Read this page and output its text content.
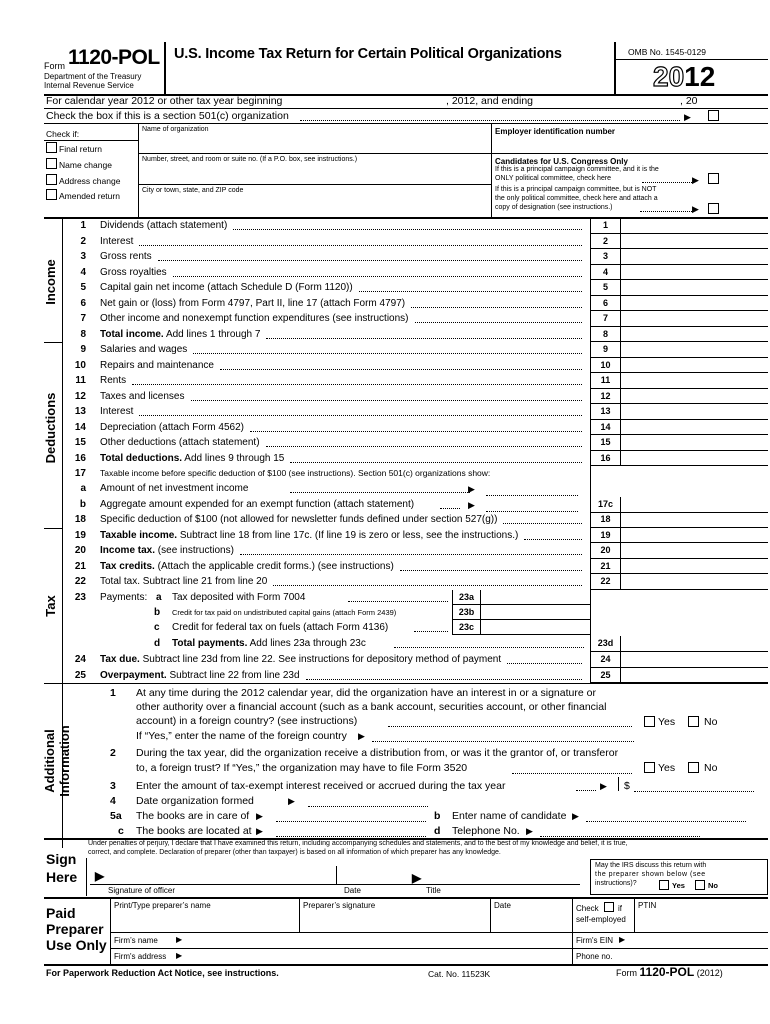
Form 1120-POL
Department of the Treasury
Internal Revenue Service
U.S. Income Tax Return for Certain Political Organizations	OMB No. 1545-0129
2012
For calendar year 2012 or other tax year beginning	, 2012, and ending	, 20
Check the box if this is a section 501(c) organization	▶
Check if:
Final return
Name change
Address change
Amended return
Name of organization
Number, street, and room or suite no. (If a P.O. box, see instructions.)
City or town, state, and ZIP code
Employer identification number
Candidates for U.S. Congress Only
If this is a principal campaign committee, and it is the
ONLY political committee, check here	▶
If this is a principal campaign committee, but is NOT
the only political committee, check here and attach a
copy of designation (see instructions.)	▶
Income
Deductions
Tax
Additional Information
1 Dividends (attach statement)	1
2 Interest	2
3 Gross rents	3
4 Gross royalties	4
5 Capital gain net income (attach Schedule D (Form 1120))	5
6 Net gain or (loss) from Form 4797, Part II, line 17 (attach Form 4797)	6
7 Other income and nonexempt function expenditures (see instructions)	7
8 Total income. Add lines 1 through 7	8
9 Salaries and wages	9
10 Repairs and maintenance	10
11 Rents	11
12 Taxes and licenses	12
13 Interest	13
14 Depreciation (attach Form 4562)	14
15 Other deductions (attach statement)	15
16 Total deductions. Add lines 9 through 15	16
17 Taxable income before specific deduction of $100 (see instructions). Section 501(c) organizations show:
a Amount of net investment income	▶
b Aggregate amount expended for an exempt function (attach statement)	▶	17c
18 Specific deduction of $100 (not allowed for newsletter funds defined under section 527(g))	18
19 Taxable income. Subtract line 18 from line 17c. (If line 19 is zero or less, see the instructions.)	19
20 Income tax. (see instructions)	20
21 Tax credits. (Attach the applicable credit forms.) (see instructions)	21
22 Total tax. Subtract line 21 from line 20	22
23 Payments: a Tax deposited with Form 7004	23a
b Credit for tax paid on undistributed capital gains (attach Form 2439)	23b
c Credit for federal tax on fuels (attach Form 4136)	23c
d Total payments. Add lines 23a through 23c	23d
24 Tax due. Subtract line 23d from line 22. See instructions for depository method of payment	24
25 Overpayment. Subtract line 22 from line 23d	25
1 At any time during the 2012 calendar year, did the organization have an interest in or a signature or
other authority over a financial account (such as a bank account, securities account, or other financial
account) in a foreign country? (see instructions)	Yes	No
If “Yes,” enter the name of the foreign country ▶
2 During the tax year, did the organization receive a distribution from, or was it the grantor of, or transferor
to, a foreign trust? If “Yes,” the organization may have to file Form 3520	Yes	No
3 Enter the amount of tax-exempt interest received or accrued during the tax year	▶ $
4 Date organization formed	▶
5a The books are in care of ▶	b Enter name of candidate ▶
c The books are located at ▶	d Telephone No. ▶
Under penalties of perjury, I declare that I have examined this return, including accompanying schedules and statements, and to the best of my knowledge and belief, it is true,
correct, and complete. Declaration of preparer (other than taxpayer) is based on all information of which preparer has any knowledge.
Sign
Here ▶	▶
Signature of officer	Date	Title
May the IRS discuss this return with
the preparer shown below (see
instructions)?	Yes	No
Paid
Preparer
Use Only
Print/Type preparer’s name	Preparer’s signature	Date	Check if
self-employed
PTIN
Firm’s name ▶	Firm's EIN ▶
Firm's address ▶	Phone no.
For Paperwork Reduction Act Notice, see instructions.	Cat. No. 11523K	Form 1120-POL (2012)
